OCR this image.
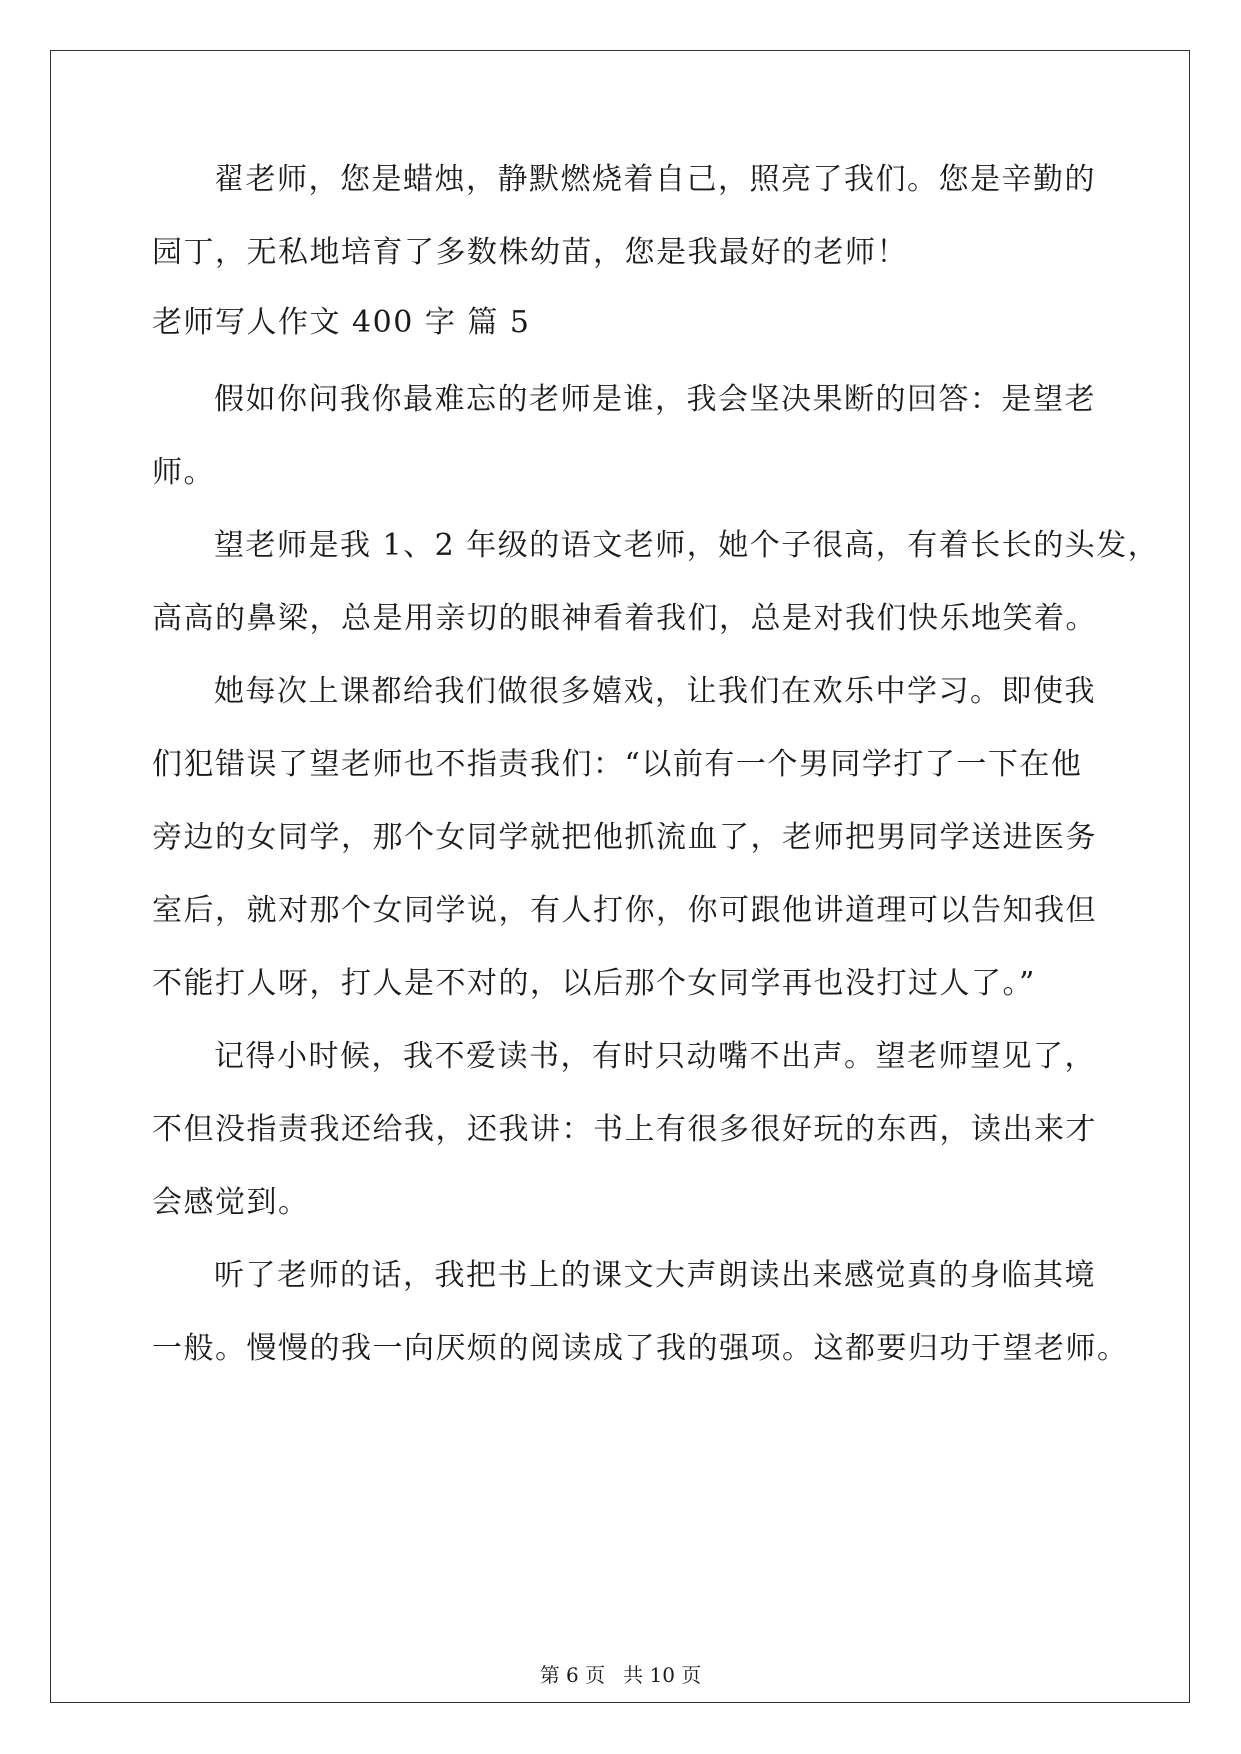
翟老师，您是蜡烛，静默燃烧着自己，照亮了我们。您是辛勤的
园丁，无私地培育了多数株幼苗，您是我最好的老师！
老师写人作文 400 字 篇 5
假如你问我你最难忘的老师是谁，我会坚决果断的回答：是望老
师。
望老师是我 1、2 年级的语文老师，她个子很高，有着长长的头发，
高高的鼻梁，总是用亲切的眼神看着我们，总是对我们快乐地笑着。
她每次上课都给我们做很多嬉戏，让我们在欢乐中学习。即使我
们犯错误了望老师也不指责我们：“以前有一个男同学打了一下在他
旁边的女同学，那个女同学就把他抓流血了，老师把男同学送进医务
室后，就对那个女同学说，有人打你，你可跟他讲道理可以告知我但
不能打人呀，打人是不对的，以后那个女同学再也没打过人了。”
记得小时候，我不爱读书，有时只动嘴不出声。望老师望见了，
不但没指责我还给我，还我讲：书上有很多很好玩的东西，读出来才
会感觉到。
听了老师的话，我把书上的课文大声朗读出来感觉真的身临其境
一般。慢慢的我一向厌烦的阅读成了我的强项。这都要归功于望老师。
第 6 页 共 10 页
